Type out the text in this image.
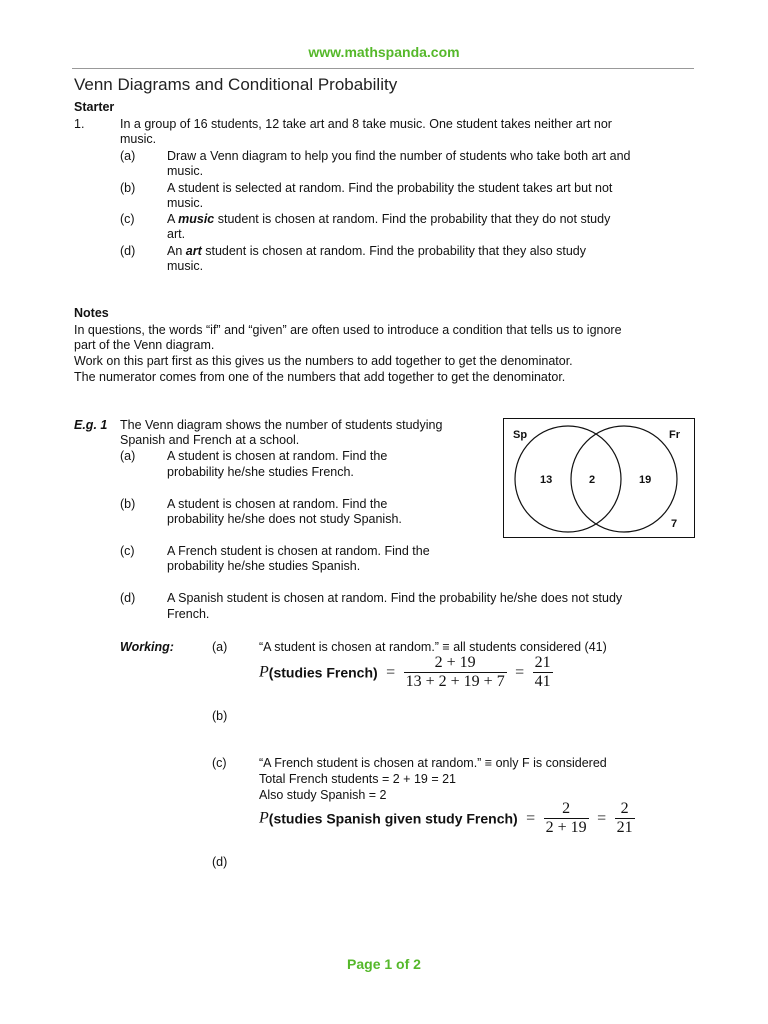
www.mathspanda.com
Venn Diagrams and Conditional Probability
Starter
1.	In a group of 16 students, 12 take art and 8 take music. One student takes neither art nor
music.
(a)	Draw a Venn diagram to help you find the number of students who take both art and
music.
(b)	A student is selected at random. Find the probability the student takes art but not
music.
(c)	A music student is chosen at random. Find the probability that they do not study
art.
(d)	An art student is chosen at random. Find the probability that they also study
music.
Notes
In questions, the words “if” and “given” are often used to introduce a condition that tells us to ignore
part of the Venn diagram.
Work on this part first as this gives us the numbers to add together to get the denominator.
The numerator comes from one of the numbers that add together to get the denominator.
E.g. 1 The Venn diagram shows the number of students studying
Spanish and French at a school.
(a)	A student is chosen at random. Find the
probability he/she studies French.
(b)	A student is chosen at random. Find the
probability he/she does not study Spanish.
(c)	A French student is chosen at random. Find the
probability he/she studies Spanish.
(d)	A Spanish student is chosen at random. Find the probability he/she does not study
French.
Sp	Fr
13	2	19
7
Working:	(a)	“A student is chosen at random.” ≡ all students considered (41)
P(studies French) = $\frac{2 + 19}{13 + 2 + 19 + 7} = \frac{21}{41}$
(b)
(c)	“A French student is chosen at random.” ≡ only F is considered
Total French students = 2 + 19 = 21
Also study Spanish = 2
P(studies Spanish given study French) = $\frac{2}{2 + 19} = \frac{2}{21}$
(d)
Page 1 of 2
